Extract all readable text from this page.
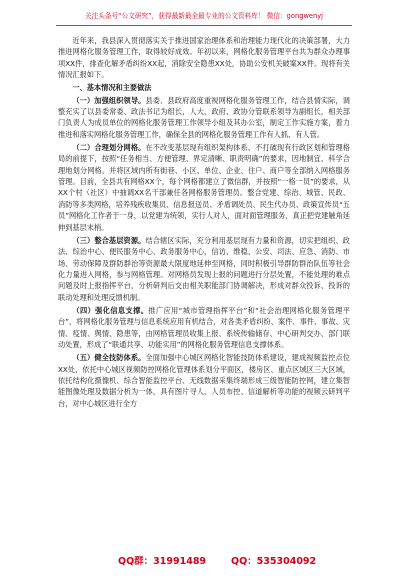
关注头条号“公文研究”，获得最新最全最专业的公文资料库！ 微信：gongwenyj

近年来，我县深入贯彻落实关于推进国家治理体系和治理能力现代化的决策部署，大力推进网格化服务管理工作，取得较好成效。年初以来，网格化服务管理平台共为群众办理事项XX件，排查化解矛盾纠纷XX起，消除安全隐患XX处，协助公安机关破案XX件。现将有关情况汇报如下。

一、基本情况和主要做法

（一）加强组织领导。县委、县政府高度重视网格化服务管理工作，结合县情实际，调整充实了以县委常委、政法书记为组长，人大、政府、政协分管联系领导为副组长，相关部门负责人为成员单位的网格化服务管理工作领导小组及其办公室，制定工作实施方案，着力推进和落实网格化服务管理工作，确保全县的网格化服务管理工作有人抓、有人管。

（二）合理划分网格。在不改变基层现有组织架构体系、不打破现有行政区划和管理格局的前提下，按照“任务相当、方便管理、界定清晰、职责明确”的要求，因地制宜、科学合理地划分网格。并将区域内所有街巷、小区、单位、企业、住户、商户等全部纳入网格服务管理。目前，全县共有网格XX个，每个网格都建立了微信群，并按照“一格一员”的要求，从XX个村（社区）中抽调XX名干部兼任各网格服务管理员。整合党建、综治、城管、民政、消防等多类网格，培养残疾收集员、信息报送员、矛盾调处员、民生代办员、政策宣传员“五员”网格化工作者于一身，以党建为统领，实行人对人，面对面管理服务，真正把党建触角延伸到基层末梢。

（三）整合基层资源。结合辖区实际，充分利用基层现有力量和资源，切实把组织、政法、综治中心、便民服务中心、政务服务中心，信访、维稳、公安、司法、应急、消防、市场、劳动保障及群防群治等资源最大限度地延伸至网格，同时积极引导群防群治队伍等社会化力量进入网格，参与网格管理。对网格员发现上报的问题进行分层处置，不能处理的难点问题及时上报指挥平台，分析研判后交由相关职能部门协调解决，形成对群众投诉、投诉的联动处理和处理反馈机制。

（四）强化信息支撑。推广应用“城市管理指挥平台”和“社会治理网格化服务管理平台”，将网格化服务管理与信息系统应用有机结合，对各类矛盾纠纷、案件、事件、事故、灾情、疫情、舆情、隐患等，由网格管理员收集上报、系统传输储存、中心研判交办、部门联动处置，形成了“联通共享、功能实用”的网格化服务管理信息支撑体系。

（五）健全技防体系。全面加强中心城区网格化智能技防体系建设，建成视频监控点位XX处，依托中心城区视频防控网格化管理体系划分平面区，楼房区、重点区域区三大区域，依托结构化摄像机、综合智能监控平台、无线数据采集终端形成三级智能防控网，建立集智能图像处理及数据分析为一体，具有图片寻人、人员布控、信道解析等功能的视频云研判平台，对中心城区进行全方

QQ群：31991489	QQ：535304092
